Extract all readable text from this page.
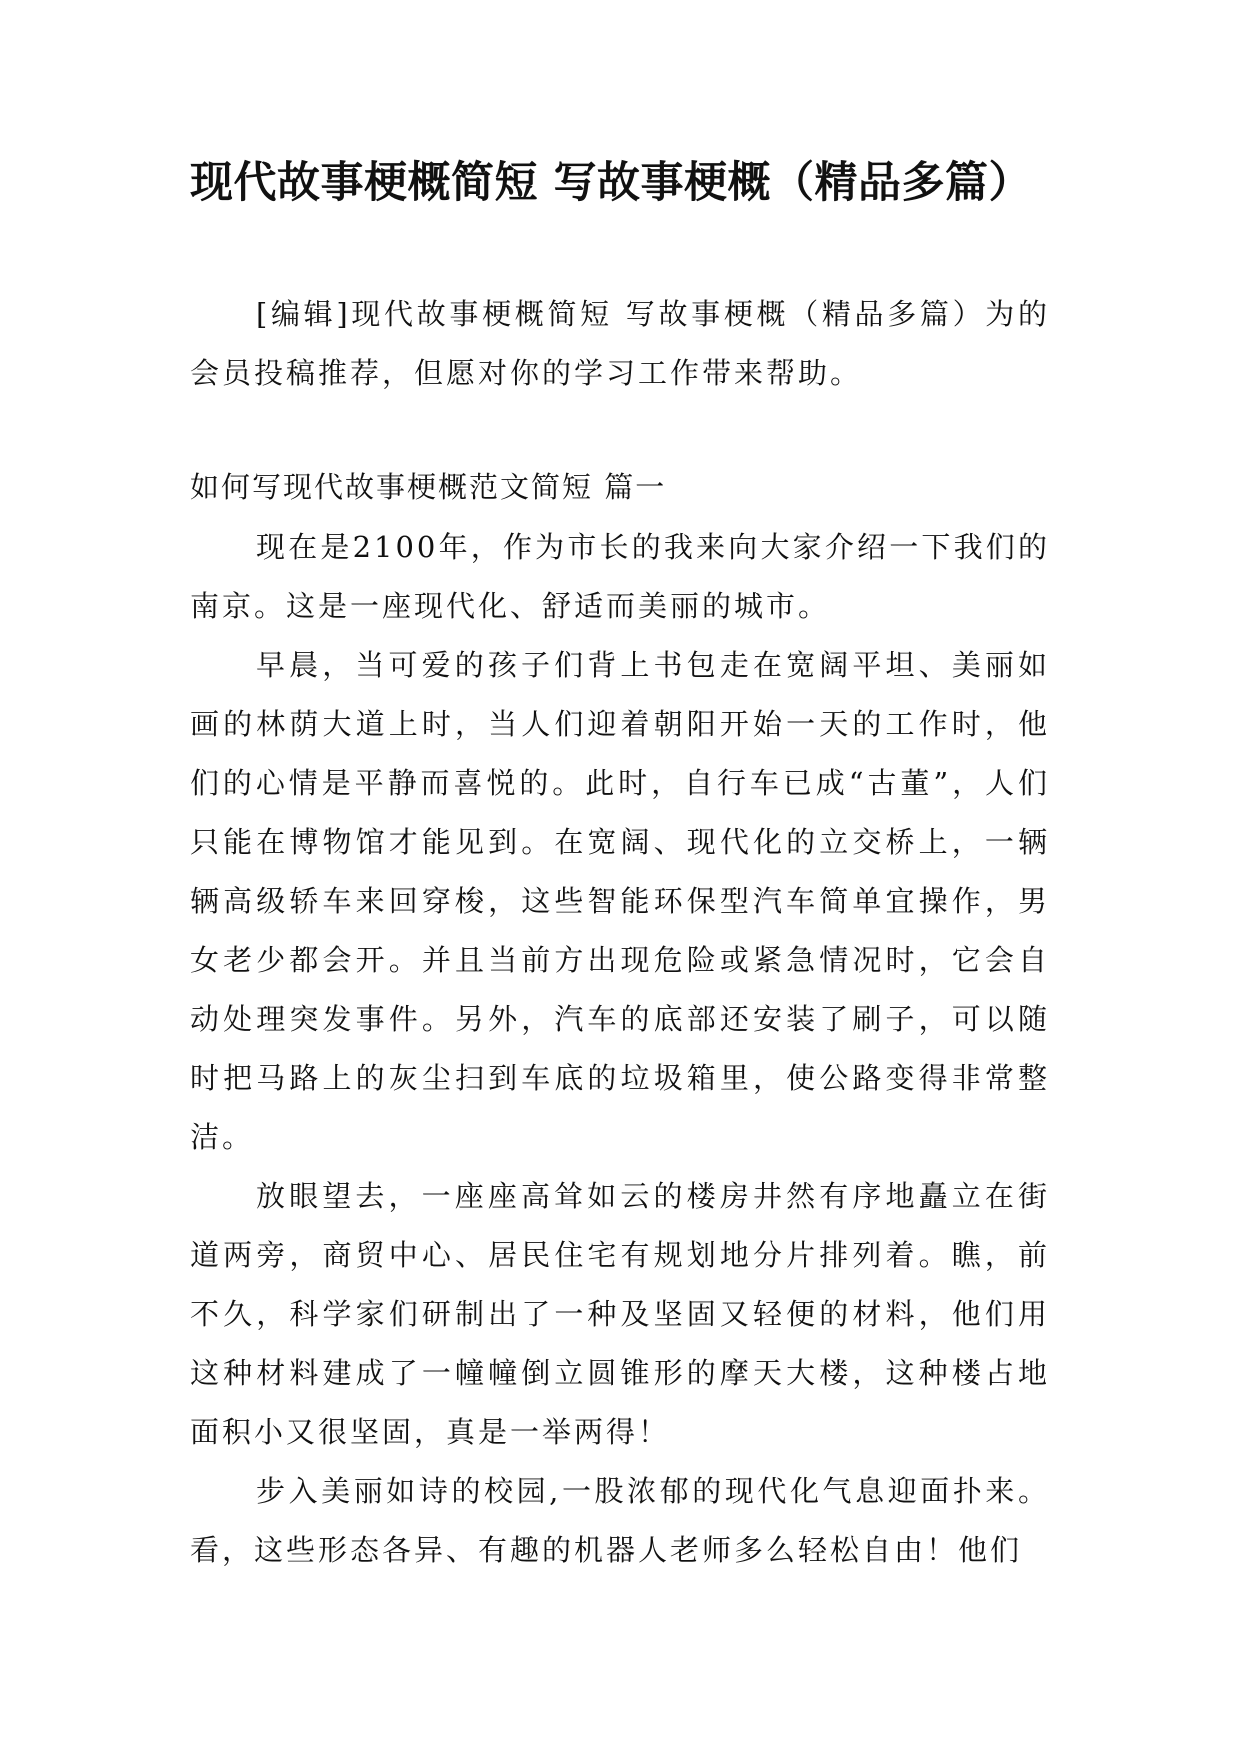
现代故事梗概简短 写故事梗概（精品多篇）
[编辑]现代故事梗概简短 写故事梗概（精品多篇）为的会员投稿推荐，但愿对你的学习工作带来帮助。
如何写现代故事梗概范文简短 篇一

现在是2100年，作为市长的我来向大家介绍一下我们的南京。这是一座现代化、舒适而美丽的城市。

早晨，当可爱的孩子们背上书包走在宽阔平坦、美丽如画的林荫大道上时，当人们迎着朝阳开始一天的工作时，他们的心情是平静而喜悦的。此时，自行车已成“古董”，人们只能在博物馆才能见到。在宽阔、现代化的立交桥上，一辆辆高级轿车来回穿梭，这些智能环保型汽车简单宜操作，男女老少都会开。并且当前方出现危险或紧急情况时，它会自动处理突发事件。另外，汽车的底部还安装了刷子，可以随时把马路上的灰尘扫到车底的垃圾箱里，使公路变得非常整洁。

放眼望去，一座座高耸如云的楼房井然有序地矗立在街道两旁，商贸中心、居民住宅有规划地分片排列着。瞧，前不久，科学家们研制出了一种及坚固又轻便的材料，他们用这种材料建成了一幢幢倒立圆锥形的摩天大楼，这种楼占地面积小又很坚固，真是一举两得！

步入美丽如诗的校园,一股浓郁的现代化气息迎面扑来。看，这些形态各异、有趣的机器人老师多么轻松自由！他们
